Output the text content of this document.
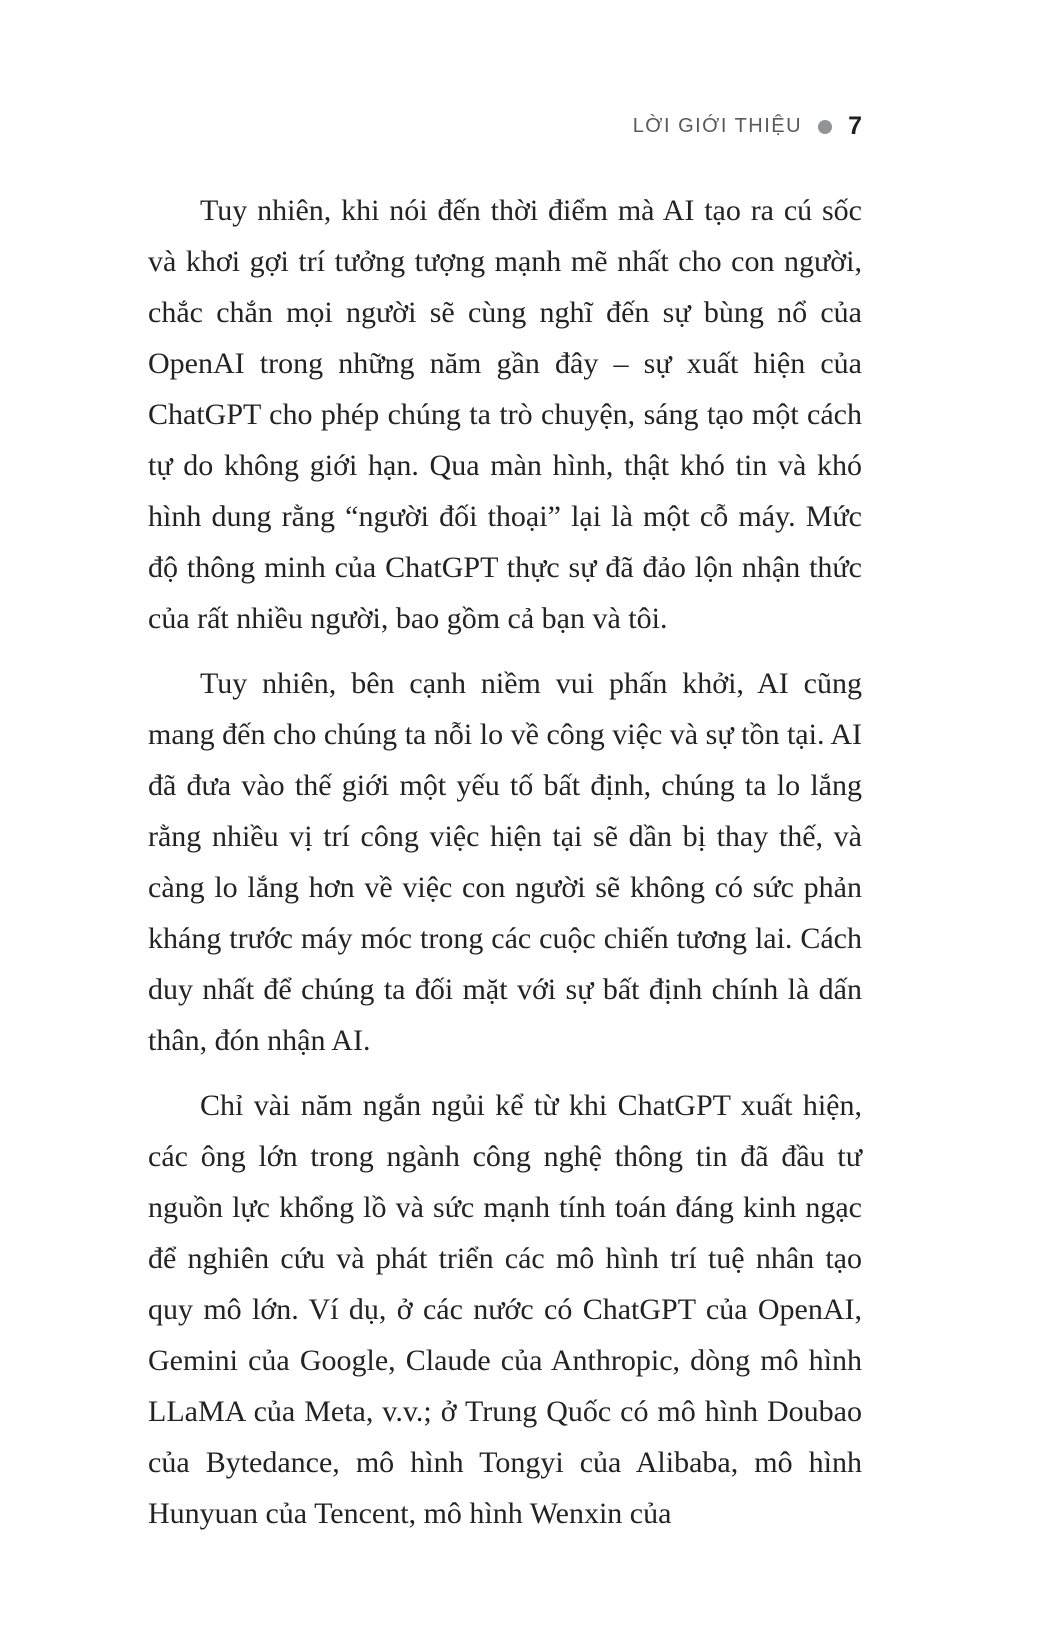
LỜI GIỚI THIỆU 7

Tuy nhiên, khi nói đến thời điểm mà AI tạo ra cú sốc và khơi gợi trí tưởng tượng mạnh mẽ nhất cho con người, chắc chắn mọi người sẽ cùng nghĩ đến sự bùng nổ của OpenAI trong những năm gần đây – sự xuất hiện của ChatGPT cho phép chúng ta trò chuyện, sáng tạo một cách tự do không giới hạn. Qua màn hình, thật khó tin và khó hình dung rằng “người đối thoại” lại là một cỗ máy. Mức độ thông minh của ChatGPT thực sự đã đảo lộn nhận thức của rất nhiều người, bao gồm cả bạn và tôi.

Tuy nhiên, bên cạnh niềm vui phấn khởi, AI cũng mang đến cho chúng ta nỗi lo về công việc và sự tồn tại. AI đã đưa vào thế giới một yếu tố bất định, chúng ta lo lắng rằng nhiều vị trí công việc hiện tại sẽ dần bị thay thế, và càng lo lắng hơn về việc con người sẽ không có sức phản kháng trước máy móc trong các cuộc chiến tương lai. Cách duy nhất để chúng ta đối mặt với sự bất định chính là dấn thân, đón nhận AI.

Chỉ vài năm ngắn ngủi kể từ khi ChatGPT xuất hiện, các ông lớn trong ngành công nghệ thông tin đã đầu tư nguồn lực khổng lồ và sức mạnh tính toán đáng kinh ngạc để nghiên cứu và phát triển các mô hình trí tuệ nhân tạo quy mô lớn. Ví dụ, ở các nước có ChatGPT của OpenAI, Gemini của Google, Claude của Anthropic, dòng mô hình LLaMA của Meta, v.v.; ở Trung Quốc có mô hình Doubao của Bytedance, mô hình Tongyi của Alibaba, mô hình Hunyuan của Tencent, mô hình Wenxin của
